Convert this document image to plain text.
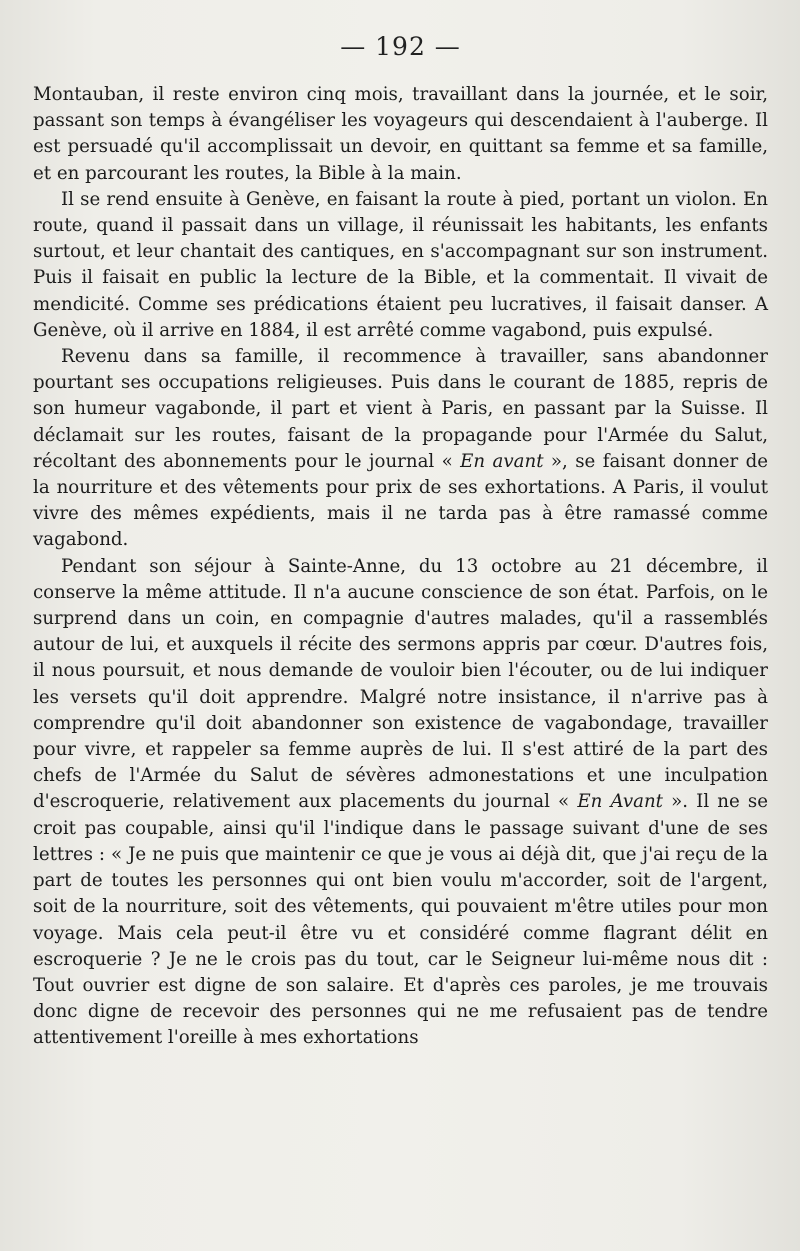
— 192 —

Montauban, il reste environ cinq mois, travaillant dans la journée, et le soir, passant son temps à évangéliser les voyageurs qui descendaient à l'auberge. Il est persuadé qu'il accomplissait un devoir, en quittant sa femme et sa famille, et en parcourant les routes, la Bible à la main.

Il se rend ensuite à Genève, en faisant la route à pied, portant un violon. En route, quand il passait dans un village, il réunissait les habitants, les enfants surtout, et leur chantait des cantiques, en s'accompagnant sur son instrument. Puis il faisait en public la lecture de la Bible, et la commentait. Il vivait de mendicité. Comme ses prédications étaient peu lucratives, il faisait danser. A Genève, où il arrive en 1884, il est arrêté comme vagabond, puis expulsé.

Revenu dans sa famille, il recommence à travailler, sans abandonner pourtant ses occupations religieuses. Puis dans le courant de 1885, repris de son humeur vagabonde, il part et vient à Paris, en passant par la Suisse. Il déclamait sur les routes, faisant de la propagande pour l'Armée du Salut, récoltant des abonnements pour le journal « En avant », se faisant donner de la nourriture et des vêtements pour prix de ses exhortations. A Paris, il voulut vivre des mêmes expédients, mais il ne tarda pas à être ramassé comme vagabond.

Pendant son séjour à Sainte-Anne, du 13 octobre au 21 décembre, il conserve la même attitude. Il n'a aucune conscience de son état. Parfois, on le surprend dans un coin, en compagnie d'autres malades, qu'il a rassemblés autour de lui, et auxquels il récite des sermons appris par cœur. D'autres fois, il nous poursuit, et nous demande de vouloir bien l'écouter, ou de lui indiquer les versets qu'il doit apprendre. Malgré notre insistance, il n'arrive pas à comprendre qu'il doit abandonner son existence de vagabondage, travailler pour vivre, et rappeler sa femme auprès de lui. Il s'est attiré de la part des chefs de l'Armée du Salut de sévères admonestations et une inculpation d'escroquerie, relativement aux placements du journal « En Avant ». Il ne se croit pas coupable, ainsi qu'il l'indique dans le passage suivant d'une de ses lettres : « Je ne puis que maintenir ce que je vous ai déjà dit, que j'ai reçu de la part de toutes les personnes qui ont bien voulu m'accorder, soit de l'argent, soit de la nourriture, soit des vêtements, qui pouvaient m'être utiles pour mon voyage. Mais cela peut-il être vu et considéré comme flagrant délit en escroquerie ? Je ne le crois pas du tout, car le Seigneur lui-même nous dit : Tout ouvrier est digne de son salaire. Et d'après ces paroles, je me trouvais donc digne de recevoir des personnes qui ne me refusaient pas de tendre attentivement l'oreille à mes exhortations
